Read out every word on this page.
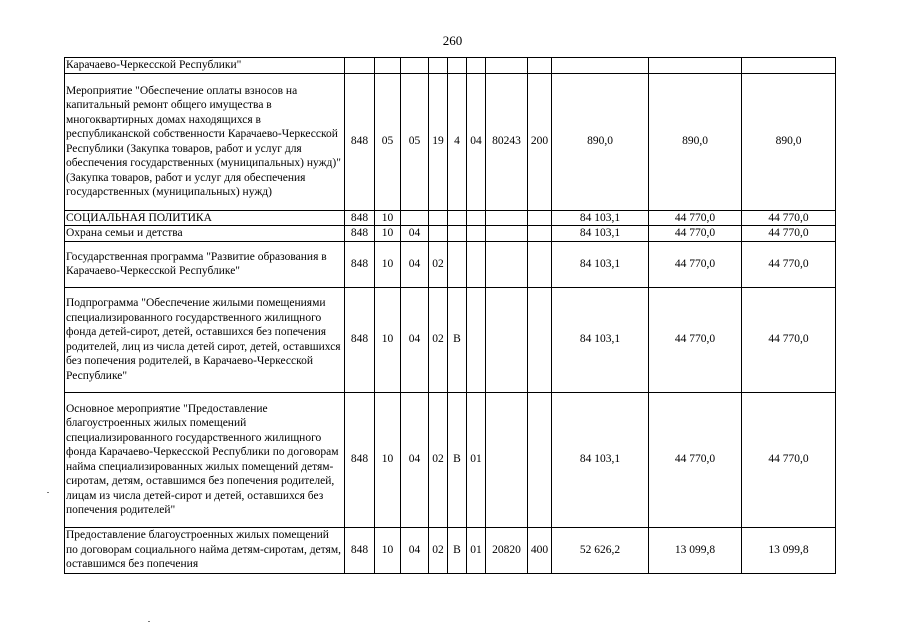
260
Карачаево-Черкесской Республики"											
Мероприятие "Обеспечение оплаты взносов на капитальный ремонт общего имущества в многоквартирных домах находящихся в республиканской собственности Карачаево-Черкесской Республики (Закупка товаров, работ и услуг для обеспечения государственных (муниципальных) нужд)" (Закупка товаров, работ и услуг для обеспечения государственных (муниципальных) нужд)	848	05	05	19	4	04	80243	200	890,0	890,0	890,0
СОЦИАЛЬНАЯ ПОЛИТИКА	848	10							84 103,1	44 770,0	44 770,0
Охрана семьи и детства	848	10	04						84 103,1	44 770,0	44 770,0
Государственная программа "Развитие образования в Карачаево-Черкесской Республике"	848	10	04	02					84 103,1	44 770,0	44 770,0
Подпрограмма "Обеспечение жилыми помещениями специализированного государственного жилищного фонда детей-сирот, детей, оставшихся без попечения родителей, лиц из числа детей сирот, детей, оставшихся без попечения родителей, в Карачаево-Черкесской Республике"	848	10	04	02	В				84 103,1	44 770,0	44 770,0
Основное мероприятие "Предоставление благоустроенных жилых помещений специализированного государственного жилищного фонда Карачаево-Черкесской Республики по договорам найма специализированных жилых помещений детям-сиротам, детям, оставшимся без попечения родителей, лицам из числа детей-сирот и детей, оставшихся без попечения родителей"	848	10	04	02	В	01			84 103,1	44 770,0	44 770,0
Предоставление благоустроенных жилых помещений по договорам социального найма детям-сиротам, детям, оставшимся без попечения	848	10	04	02	В	01	20820	400	52 626,2	13 099,8	13 099,8
